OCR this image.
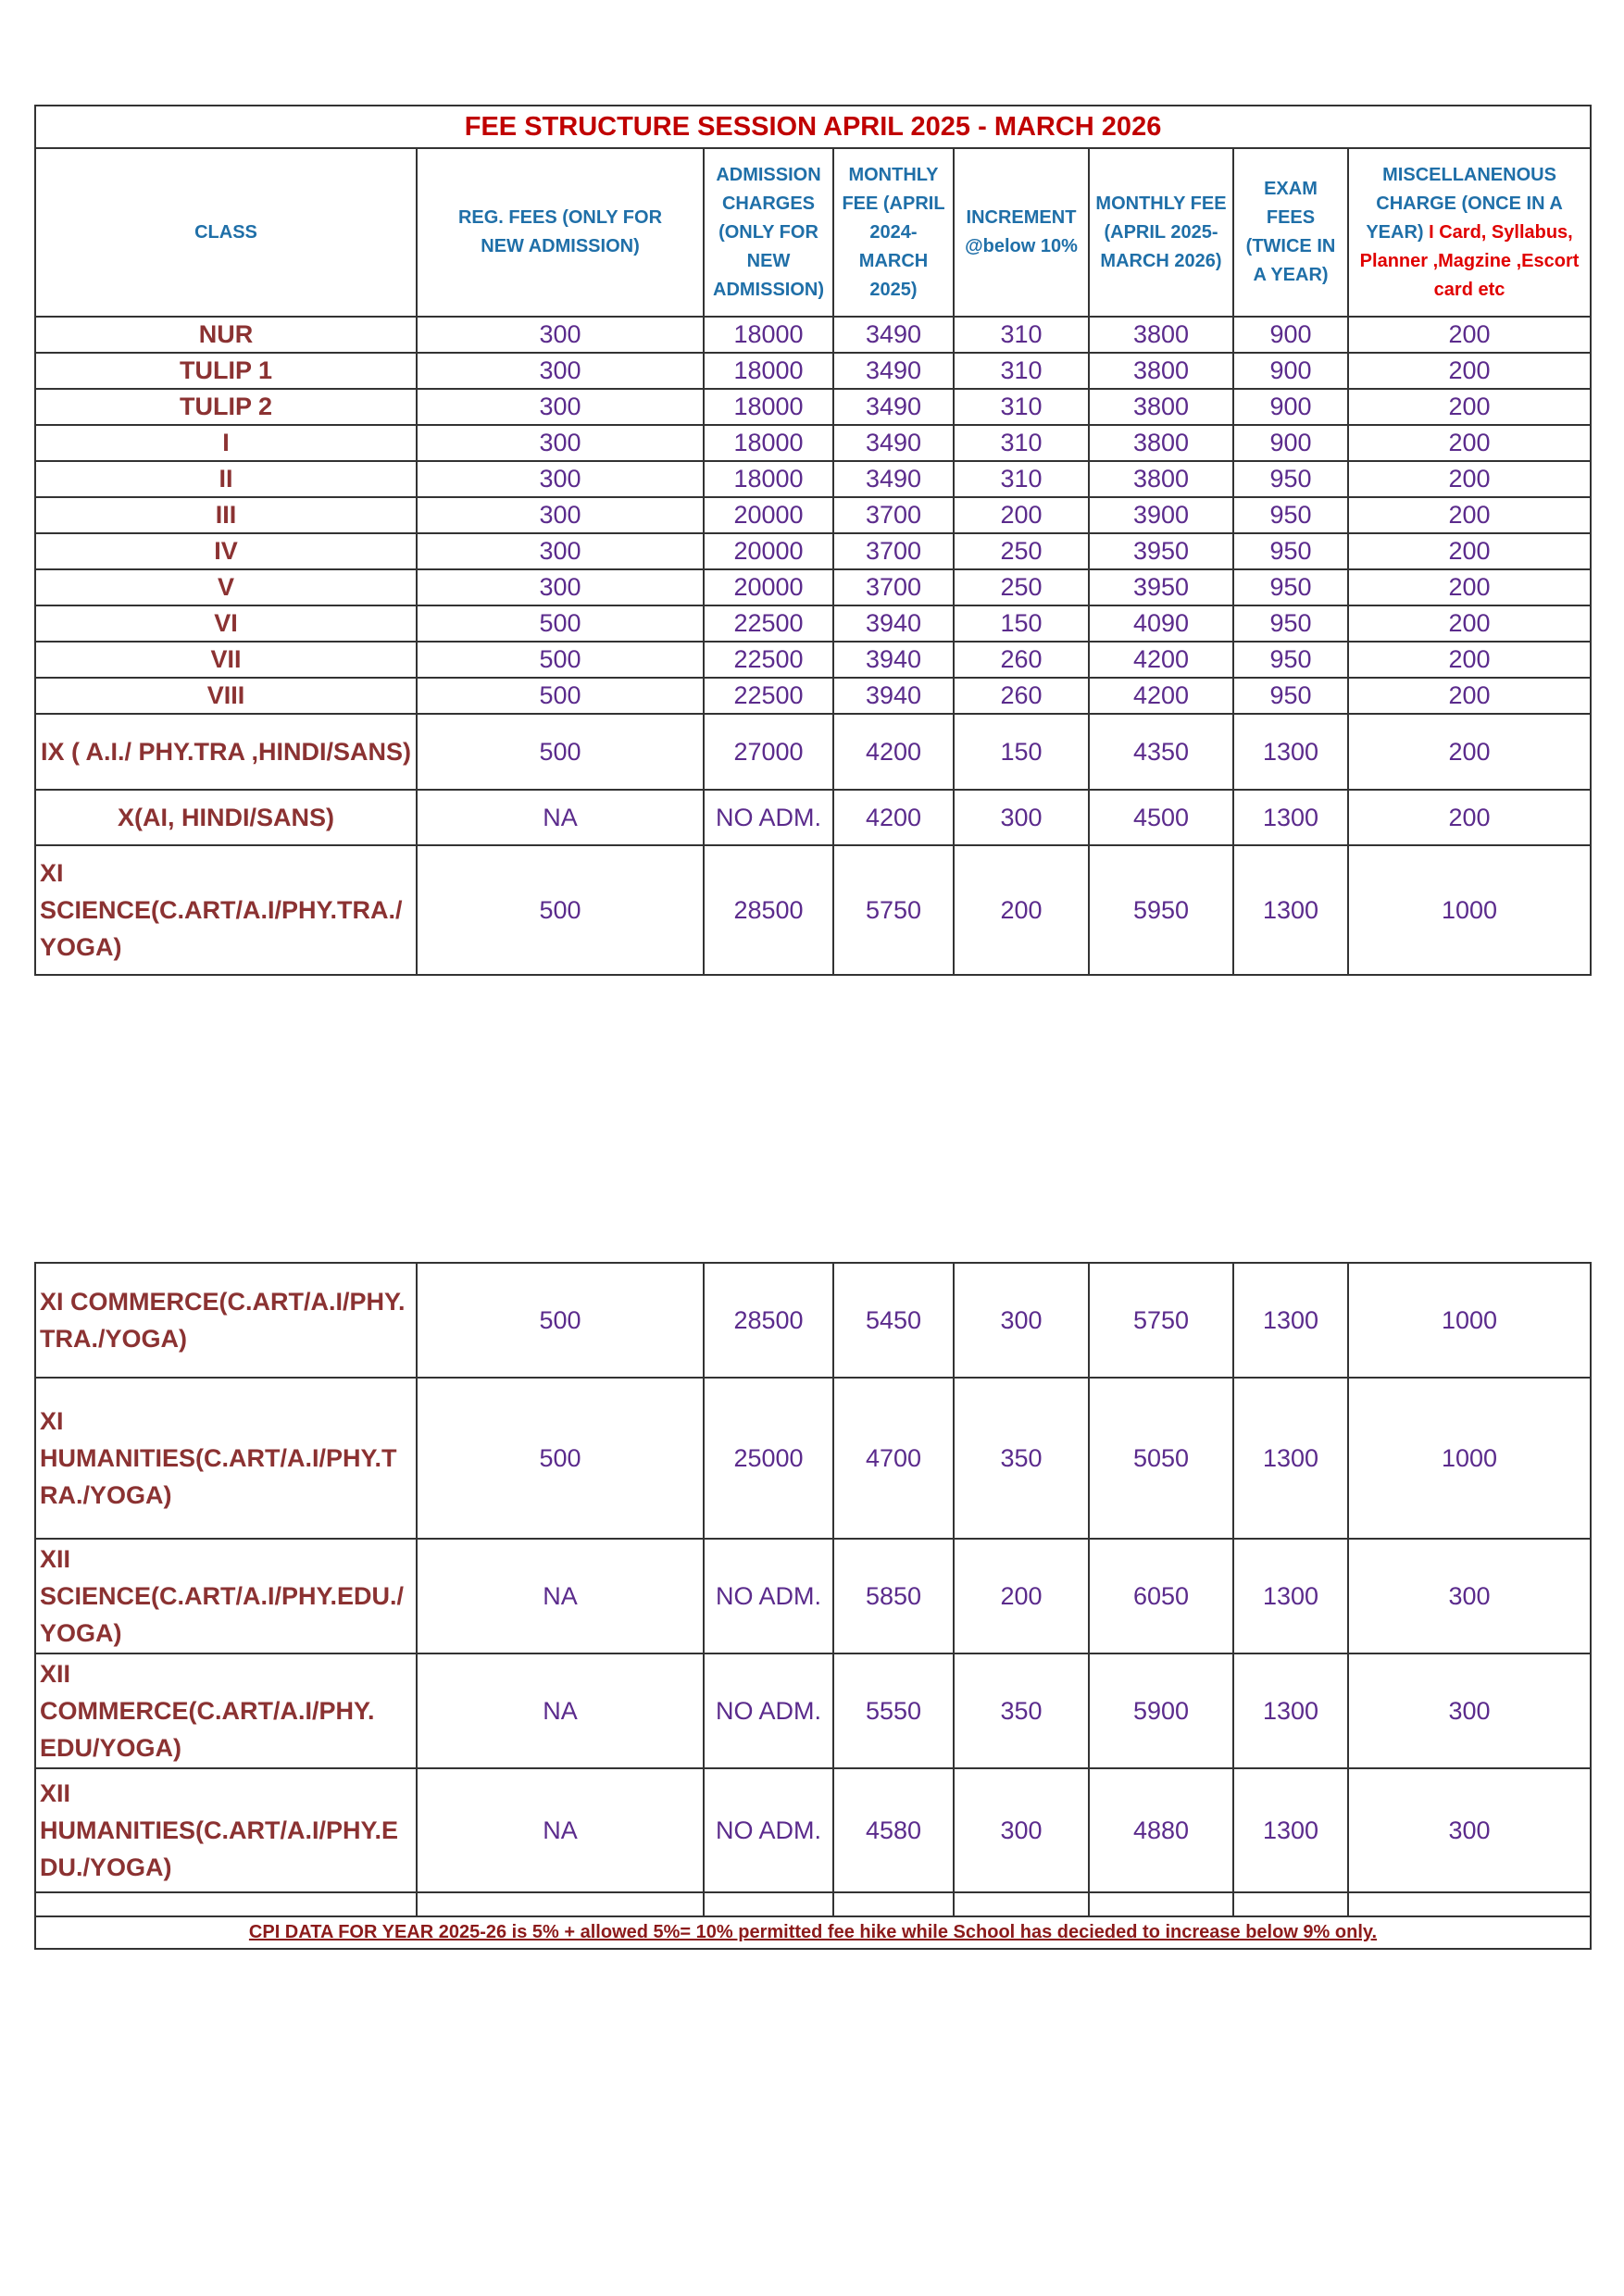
FEE STRUCTURE SESSION APRIL 2025 - MARCH 2026							
CLASS	REG. FEES (ONLY FOR NEW ADMISSION)	ADMISSION CHARGES (ONLY FOR NEW ADMISSION)	MONTHLY FEE (APRIL 2024-MARCH 2025)	INCREMENT @below 10%	MONTHLY FEE (APRIL 2025-MARCH 2026)	EXAM FEES (TWICE IN A YEAR)	MISCELLANENOUS CHARGE (ONCE IN A YEAR) I Card, Syllabus, Planner ,Magzine ,Escort card etc
NUR	300	18000	3490	310	3800	900	200
TULIP 1	300	18000	3490	310	3800	900	200
TULIP 2	300	18000	3490	310	3800	900	200
I	300	18000	3490	310	3800	900	200
II	300	18000	3490	310	3800	950	200
III	300	20000	3700	200	3900	950	200
IV	300	20000	3700	250	3950	950	200
V	300	20000	3700	250	3950	950	200
VI	500	22500	3940	150	4090	950	200
VII	500	22500	3940	260	4200	950	200
VIII	500	22500	3940	260	4200	950	200
IX ( A.I./ PHY.TRA ,HINDI/SANS)	500	27000	4200	150	4350	1300	200
X(AI, HINDI/SANS)	NA	NO ADM.	4200	300	4500	1300	200
XI SCIENCE(C.ART/A.I/PHY.TRA./ YOGA)	500	28500	5750	200	5950	1300	1000
XI COMMERCE(C.ART/A.I/PHY. TRA./YOGA)	500	28500	5450	300	5750	1300	1000
XI HUMANITIES(C.ART/A.I/PHY.T RA./YOGA)	500	25000	4700	350	5050	1300	1000
XII SCIENCE(C.ART/A.I/PHY.EDU./ YOGA)	NA	NO ADM.	5850	200	6050	1300	300
XII COMMERCE(C.ART/A.I/PHY. EDU/YOGA)	NA	NO ADM.	5550	350	5900	1300	300
XII HUMANITIES(C.ART/A.I/PHY.E DU./YOGA)	NA	NO ADM.	4580	300	4880	1300	300

CPI DATA FOR YEAR 2025-26 is 5% + allowed 5%= 10% permitted fee hike while School has decieded to increase below 9% only.							
